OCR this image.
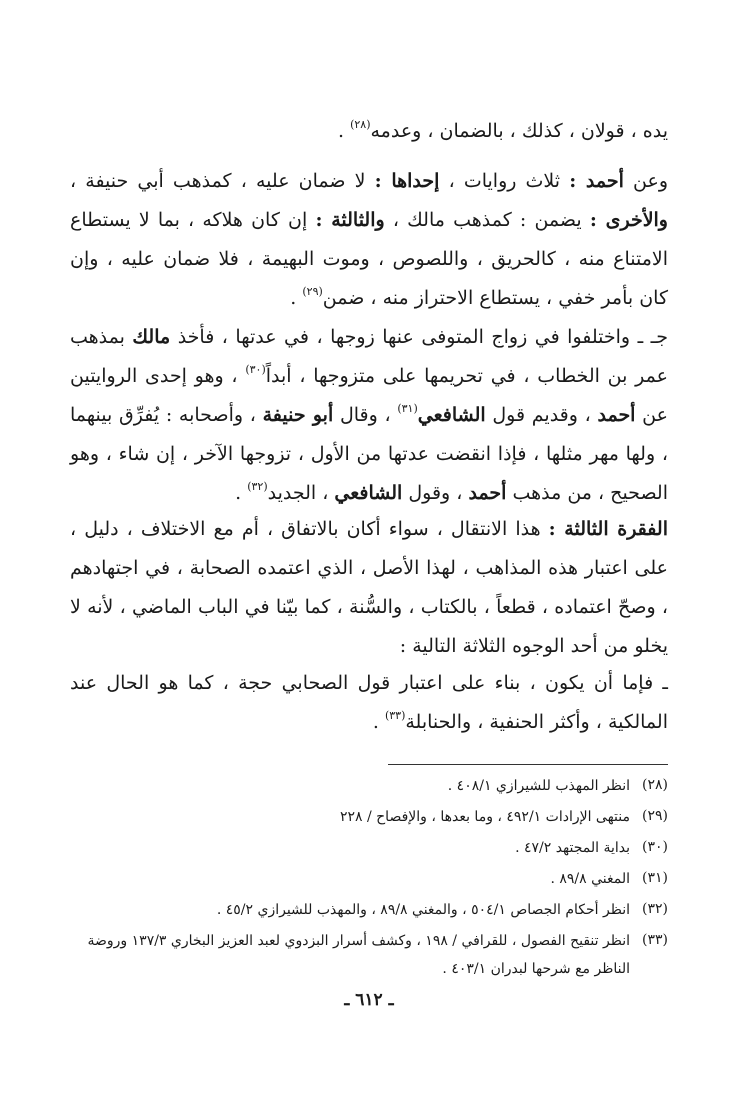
يده ، قولان ، كذلك ، بالضمان ، وعدمه$^{(٢٨)}$ .

وعن أحمد : ثلاث روايات ، إحداها : لا ضمان عليه ، كمذهب أبي حنيفة ، والأخرى : يضمن : كمذهب مالك ، والثالثة : إن كان هلاكه ، بما لا يستطاع الامتناع منه ، كالحريق ، واللصوص ، وموت البهيمة ، فلا ضمان عليه ، وإن كان بأمر خفي ، يستطاع الاحتراز منه ، ضمن$^{(٢٩)}$ .

جـ ـ واختلفوا في زواج المتوفى عنها زوجها ، في عدتها ، فأخذ مالك بمذهب عمر بن الخطاب ، في تحريمها على متزوجها ، أبداً$^{(٣٠)}$ ، وهو إحدى الروايتين عن أحمد ، وقديم قول الشافعي$^{(٣١)}$ ، وقال أبو حنيفة ، وأصحابه : يُفرِّق بينهما ، ولها مهر مثلها ، فإذا انقضت عدتها من الأول ، تزوجها الآخر ، إن شاء ، وهو الصحيح ، من مذهب أحمد ، وقول الشافعي ، الجديد$^{(٣٢)}$ .

الفقرة الثالثة : هذا الانتقال ، سواء أكان بالاتفاق ، أم مع الاختلاف ، دليل ، على اعتبار هذه المذاهب ، لهذا الأصل ، الذي اعتمده الصحابة ، في اجتهادهم ، وصحّ اعتماده ، قطعاً ، بالكتاب ، والسُّنة ، كما بيّنا في الباب الماضي ، لأنه لا يخلو من أحد الوجوه الثلاثة التالية :

ـ فإما أن يكون ، بناء على اعتبار قول الصحابي حجة ، كما هو الحال عند المالكية ، وأكثر الحنفية ، والحنابلة$^{(٣٣)}$ .

(٢٨)
انظر المهذب للشيرازي ٤٠٨/١ .
(٢٩)
منتهى الإرادات ٤٩٢/١ ، وما بعدها ، والإفصاح / ٢٢٨
(٣٠)
بداية المجتهد ٤٧/٢ .
(٣١)
المغني ٨٩/٨ .
(٣٢)
انظر أحكام الجصاص ٥٠٤/١ ، والمغني ٨٩/٨ ، والمهذب للشيرازي ٤٥/٢ .
(٣٣)
انظر تنقيح الفصول ، للقرافي / ١٩٨ ، وكشف أسرار البزدوي لعبد العزيز البخاري ١٣٧/٣ وروضة الناظر مع شرحها لبدران ٤٠٣/١ .
ـ ٦١٢ ـ
